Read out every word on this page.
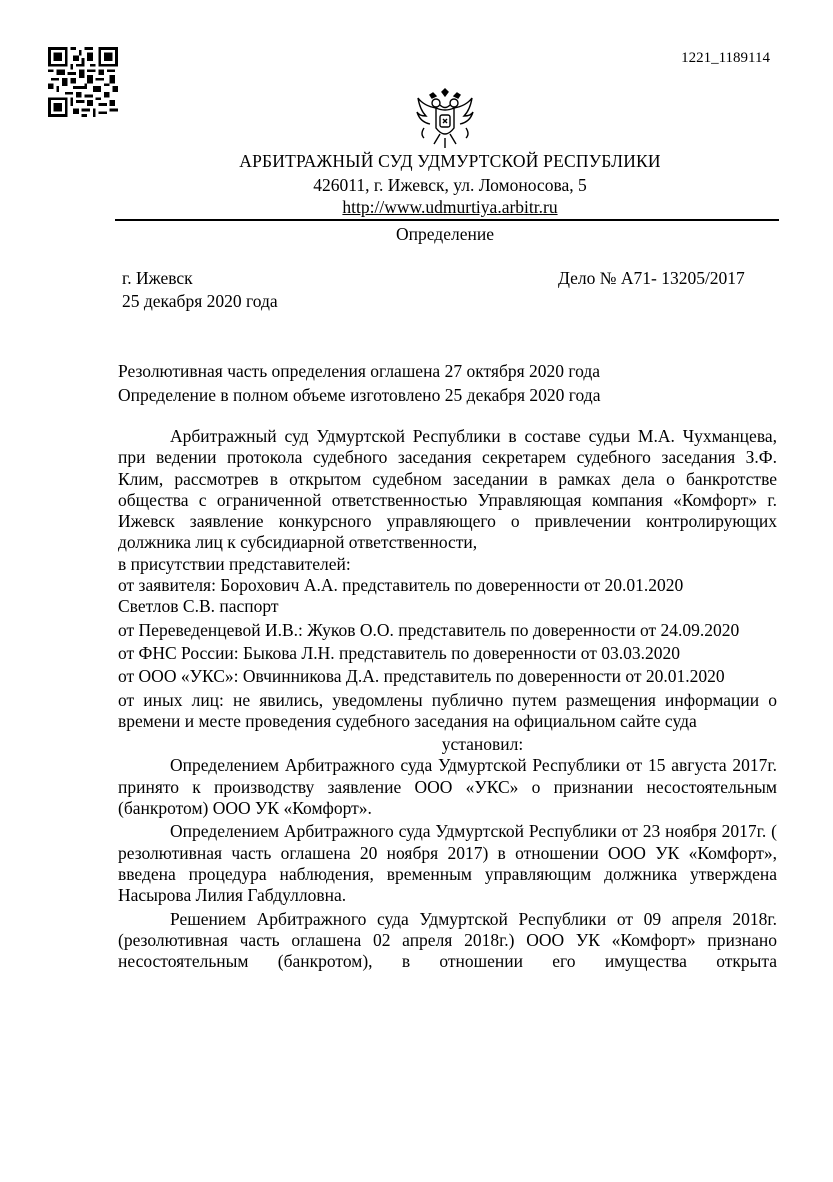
1221_1189114
АРБИТРАЖНЫЙ СУД УДМУРТСКОЙ РЕСПУБЛИКИ
426011, г. Ижевск, ул. Ломоносова, 5
http://www.udmurtiya.arbitr.ru
Определение
г. Ижевск
25 декабря 2020 года
Дело № А71- 13205/2017
Резолютивная часть определения оглашена 27 октября 2020 года
Определение в полном объеме изготовлено 25 декабря 2020 года

Арбитражный суд Удмуртской Республики в составе судьи М.А. Чухманцева, при ведении протокола судебного заседания секретарем судебного заседания З.Ф. Клим, рассмотрев в открытом судебном заседании в рамках дела о банкротстве общества с ограниченной ответственностью Управляющая компания «Комфорт» г. Ижевск заявление конкурсного управляющего о привлечении контролирующих должника лиц к субсидиарной ответственности,

в присутствии представителей:

от заявителя: Борохович А.А. представитель по доверенности от 20.01.2020

Светлов С.В. паспорт

от Переведенцевой И.В.: Жуков О.О. представитель по доверенности от 24.09.2020

от ФНС России: Быкова Л.Н. представитель по доверенности от 03.03.2020

от ООО «УКС»: Овчинникова Д.А. представитель по доверенности от 20.01.2020

от иных лиц: не явились, уведомлены публично путем размещения информации о времени и месте проведения судебного заседания на официальном сайте суда

установил:

Определением Арбитражного суда Удмуртской Республики от 15 августа 2017г. принято к производству заявление ООО «УКС» о признании несостоятельным (банкротом) ООО УК «Комфорт».

Определением Арбитражного суда Удмуртской Республики от 23 ноября 2017г. ( резолютивная часть оглашена 20 ноября 2017) в отношении ООО УК «Комфорт», введена процедура наблюдения, временным управляющим должника утверждена Насырова Лилия Габдулловна.

Решением Арбитражного суда Удмуртской Республики от 09 апреля 2018г. (резолютивная часть оглашена 02 апреля 2018г.) ООО УК «Комфорт» признано несостоятельным (банкротом), в отношении его имущества открыта
